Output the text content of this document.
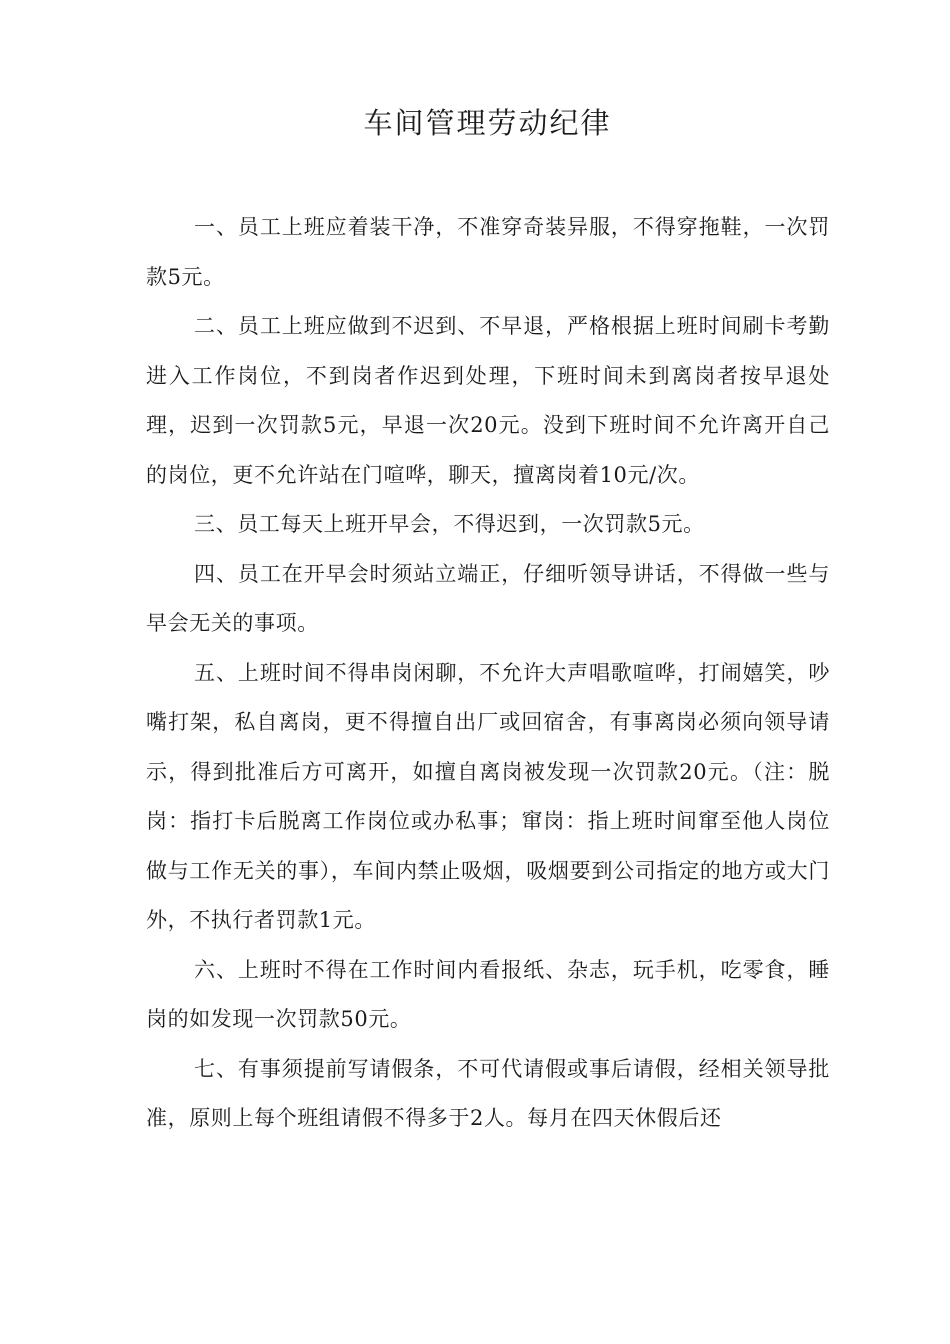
车间管理劳动纪律

一、员工上班应着装干净，不准穿奇装异服，不得穿拖鞋，一次罚款5元。

二、员工上班应做到不迟到、不早退，严格根据上班时间刷卡考勤进入工作岗位，不到岗者作迟到处理，下班时间未到离岗者按早退处理，迟到一次罚款5元，早退一次20元。没到下班时间不允许离开自己的岗位，更不允许站在门喧哗，聊天，擅离岗着10元/次。

三、员工每天上班开早会，不得迟到，一次罚款5元。

四、员工在开早会时须站立端正，仔细听领导讲话，不得做一些与早会无关的事项。

五、上班时间不得串岗闲聊，不允许大声唱歌喧哗，打闹嬉笑，吵嘴打架，私自离岗，更不得擅自出厂或回宿舍，有事离岗必须向领导请示，得到批准后方可离开，如擅自离岗被发现一次罚款20元。（注：脱岗：指打卡后脱离工作岗位或办私事；窜岗：指上班时间窜至他人岗位做与工作无关的事），车间内禁止吸烟，吸烟要到公司指定的地方或大门外，不执行者罚款1元。

六、上班时不得在工作时间内看报纸、杂志，玩手机，吃零食，睡岗的如发现一次罚款50元。

七、有事须提前写请假条，不可代请假或事后请假，经相关领导批准，原则上每个班组请假不得多于2人。每月在四天休假后还
